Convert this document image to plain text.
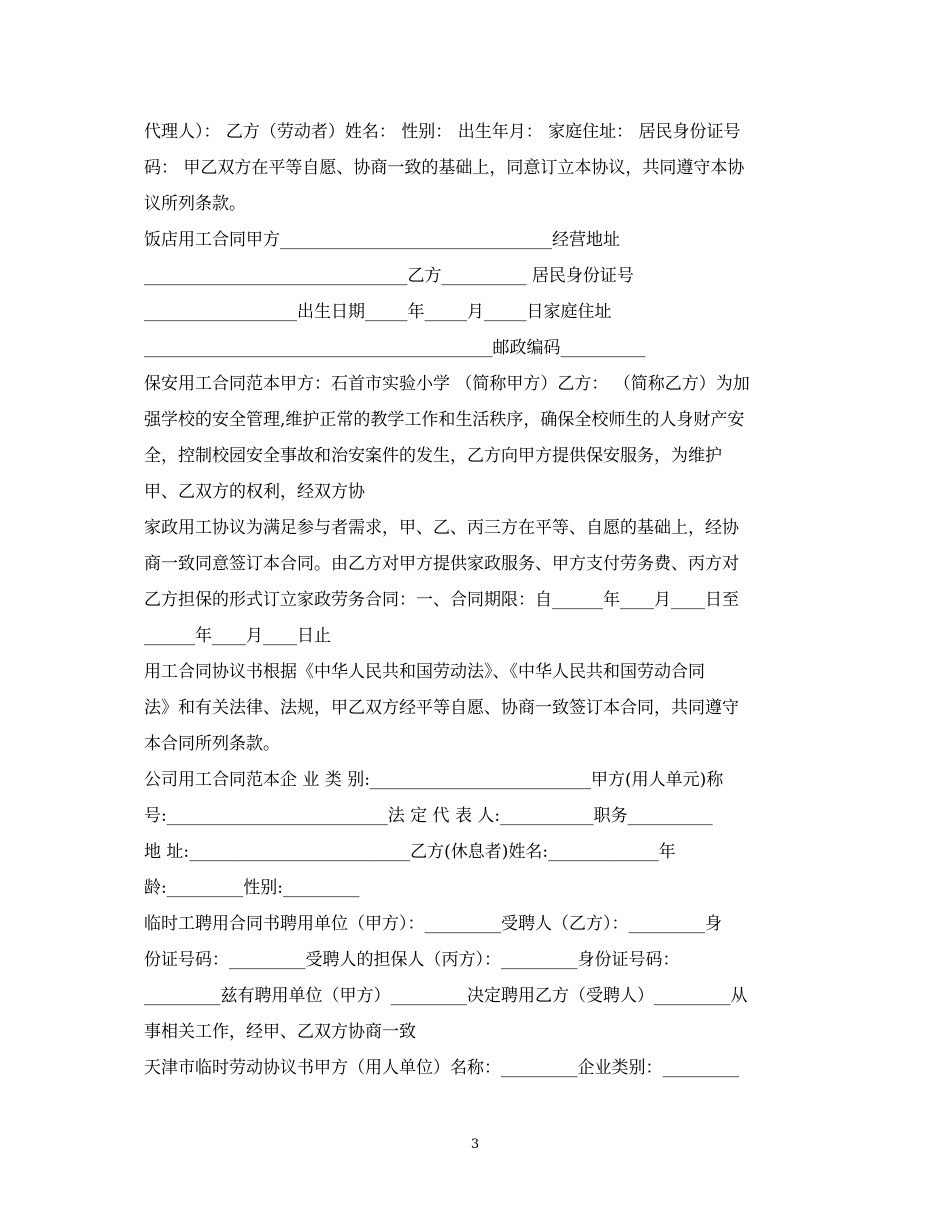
代理人）： 乙方（劳动者）姓名： 性别： 出生年月： 家庭住址： 居民身份证号
码： 甲乙双方在平等自愿、协商一致的基础上，同意订立本协议，共同遵守本协
议所列条款。
饭店用工合同甲方________________________________经营地址
_______________________________乙方__________ 居民身份证号
__________________出生日期_____年_____月_____日家庭住址
_________________________________________邮政编码__________
保安用工合同范本甲方：石首市实验小学 （简称甲方）乙方： （简称乙方）为加
强学校的安全管理,维护正常的教学工作和生活秩序，确保全校师生的人身财产安
全，控制校园安全事故和治安案件的发生，乙方向甲方提供保安服务，为维护
甲、乙双方的权利，经双方协
家政用工协议为满足参与者需求，甲、乙、丙三方在平等、自愿的基础上，经协
商一致同意签订本合同。由乙方对甲方提供家政服务、甲方支付劳务费、丙方对
乙方担保的形式订立家政劳务合同：一、合同期限：自______年____月____日至
______年____月____日止
用工合同协议书根据《中华人民共和国劳动法》、《中华人民共和国劳动合同
法》和有关法律、法规，甲乙双方经平等自愿、协商一致签订本合同，共同遵守
本合同所列条款。
公司用工合同范本企 业 类 别:__________________________甲方(用人单元)称
号:__________________________法 定 代 表 人:___________职务__________
地 址:__________________________乙方(休息者)姓名:_____________年
龄:_________性别:_________
临时工聘用合同书聘用单位（甲方）：_________受聘人（乙方）：_________身
份证号码：_________受聘人的担保人（丙方）：_________身份证号码：
_________兹有聘用单位（甲方）_________决定聘用乙方（受聘人）_________从
事相关工作，经甲、乙双方协商一致
天津市临时劳动协议书甲方（用人单位）名称：_________企业类别：_________
3
